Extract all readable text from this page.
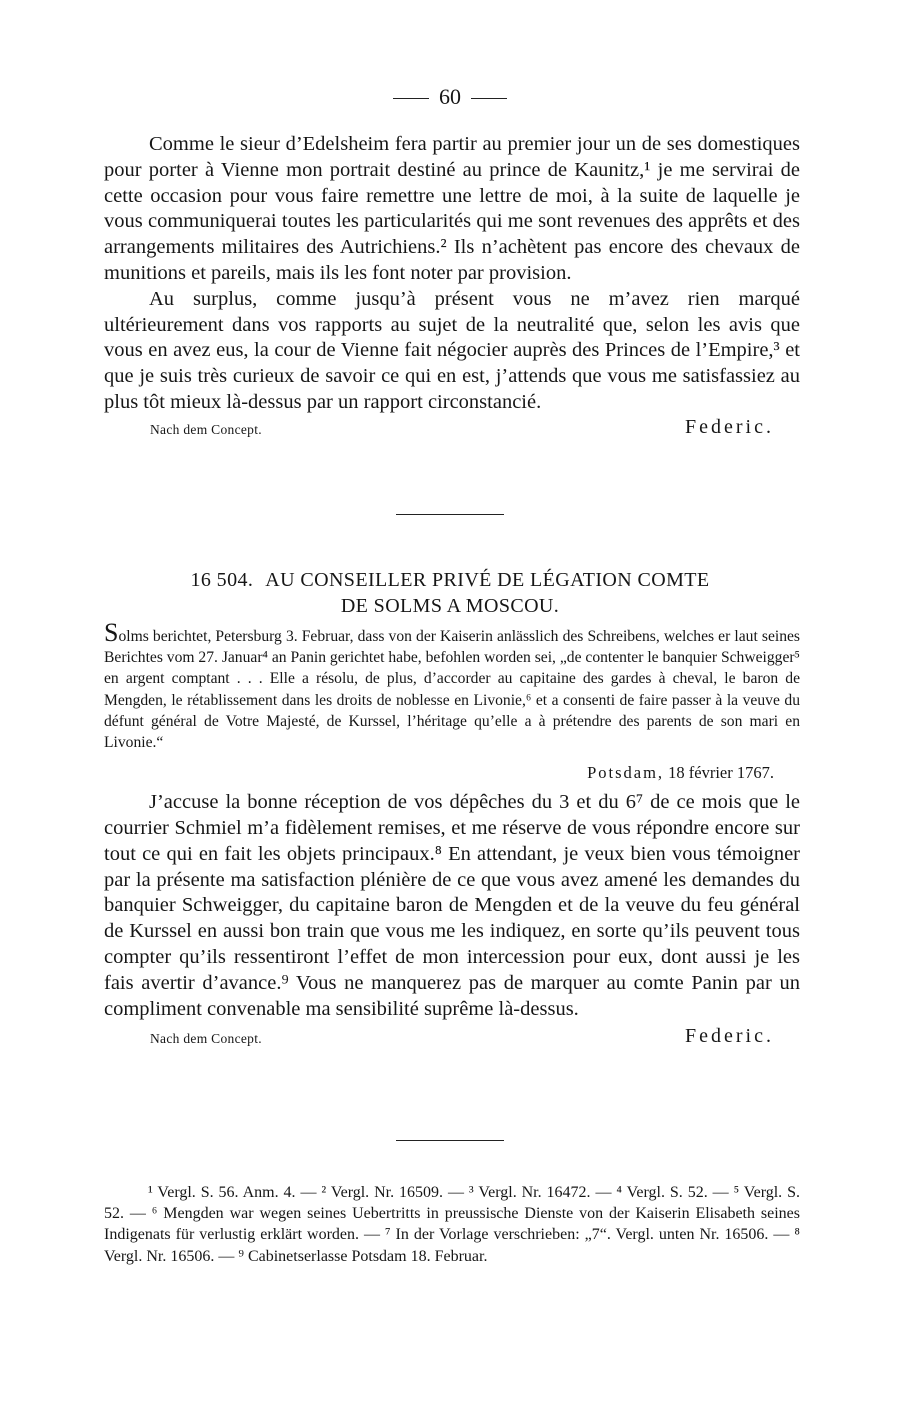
60

Comme le sieur d’Edelsheim fera partir au premier jour un de ses domestiques pour porter à Vienne mon portrait destiné au prince de Kaunitz,¹ je me servirai de cette occasion pour vous faire remettre une lettre de moi, à la suite de laquelle je vous communiquerai toutes les particularités qui me sont revenues des apprêts et des arrangements militaires des Autrichiens.² Ils n’achètent pas encore des chevaux de munitions et pareils, mais ils les font noter par provision.

Au surplus, comme jusqu’à présent vous ne m’avez rien marqué ultérieurement dans vos rapports au sujet de la neutralité que, selon les avis que vous en avez eus, la cour de Vienne fait négocier auprès des Princes de l’Empire,³ et que je suis très curieux de savoir ce qui en est, j’attends que vous me satisfassiez au plus tôt mieux là-dessus par un rapport circonstancié.

Nach dem Concept.	Federic.
16 504. AU CONSEILLER PRIVÉ DE LÉGATION COMTE
DE SOLMS A MOSCOU.

Solms berichtet, Petersburg 3. Februar, dass von der Kaiserin anlässlich des Schreibens, welches er laut seines Berichtes vom 27. Januar⁴ an Panin gerichtet habe, befohlen worden sei, „de contenter le banquier Schweigger⁵ en argent comptant . . . Elle a résolu, de plus, d’accorder au capitaine des gardes à cheval, le baron de Mengden, le rétablissement dans les droits de noblesse en Livonie,⁶ et a consenti de faire passer à la veuve du défunt général de Votre Majesté, de Kurssel, l’héritage qu’elle a à prétendre des parents de son mari en Livonie.“

Potsdam, 18 février 1767.

J’accuse la bonne réception de vos dépêches du 3 et du 6⁷ de ce mois que le courrier Schmiel m’a fidèlement remises, et me réserve de vous répondre encore sur tout ce qui en fait les objets principaux.⁸ En attendant, je veux bien vous témoigner par la présente ma satisfaction plénière de ce que vous avez amené les demandes du banquier Schweigger, du capitaine baron de Mengden et de la veuve du feu général de Kurssel en aussi bon train que vous me les indiquez, en sorte qu’ils peuvent tous compter qu’ils ressentiront l’effet de mon intercession pour eux, dont aussi je les fais avertir d’avance.⁹ Vous ne manquerez pas de marquer au comte Panin par un compliment convenable ma sensibilité suprême là-dessus.

Nach dem Concept.	Federic.

¹ Vergl. S. 56. Anm. 4. — ² Vergl. Nr. 16509. — ³ Vergl. Nr. 16472. — ⁴ Vergl. S. 52. — ⁵ Vergl. S. 52. — ⁶ Mengden war wegen seines Uebertritts in preussische Dienste von der Kaiserin Elisabeth seines Indigenats für verlustig erklärt worden. — ⁷ In der Vorlage verschrieben: „7“. Vergl. unten Nr. 16506. — ⁸ Vergl. Nr. 16506. — ⁹ Cabinetserlasse Potsdam 18. Februar.
